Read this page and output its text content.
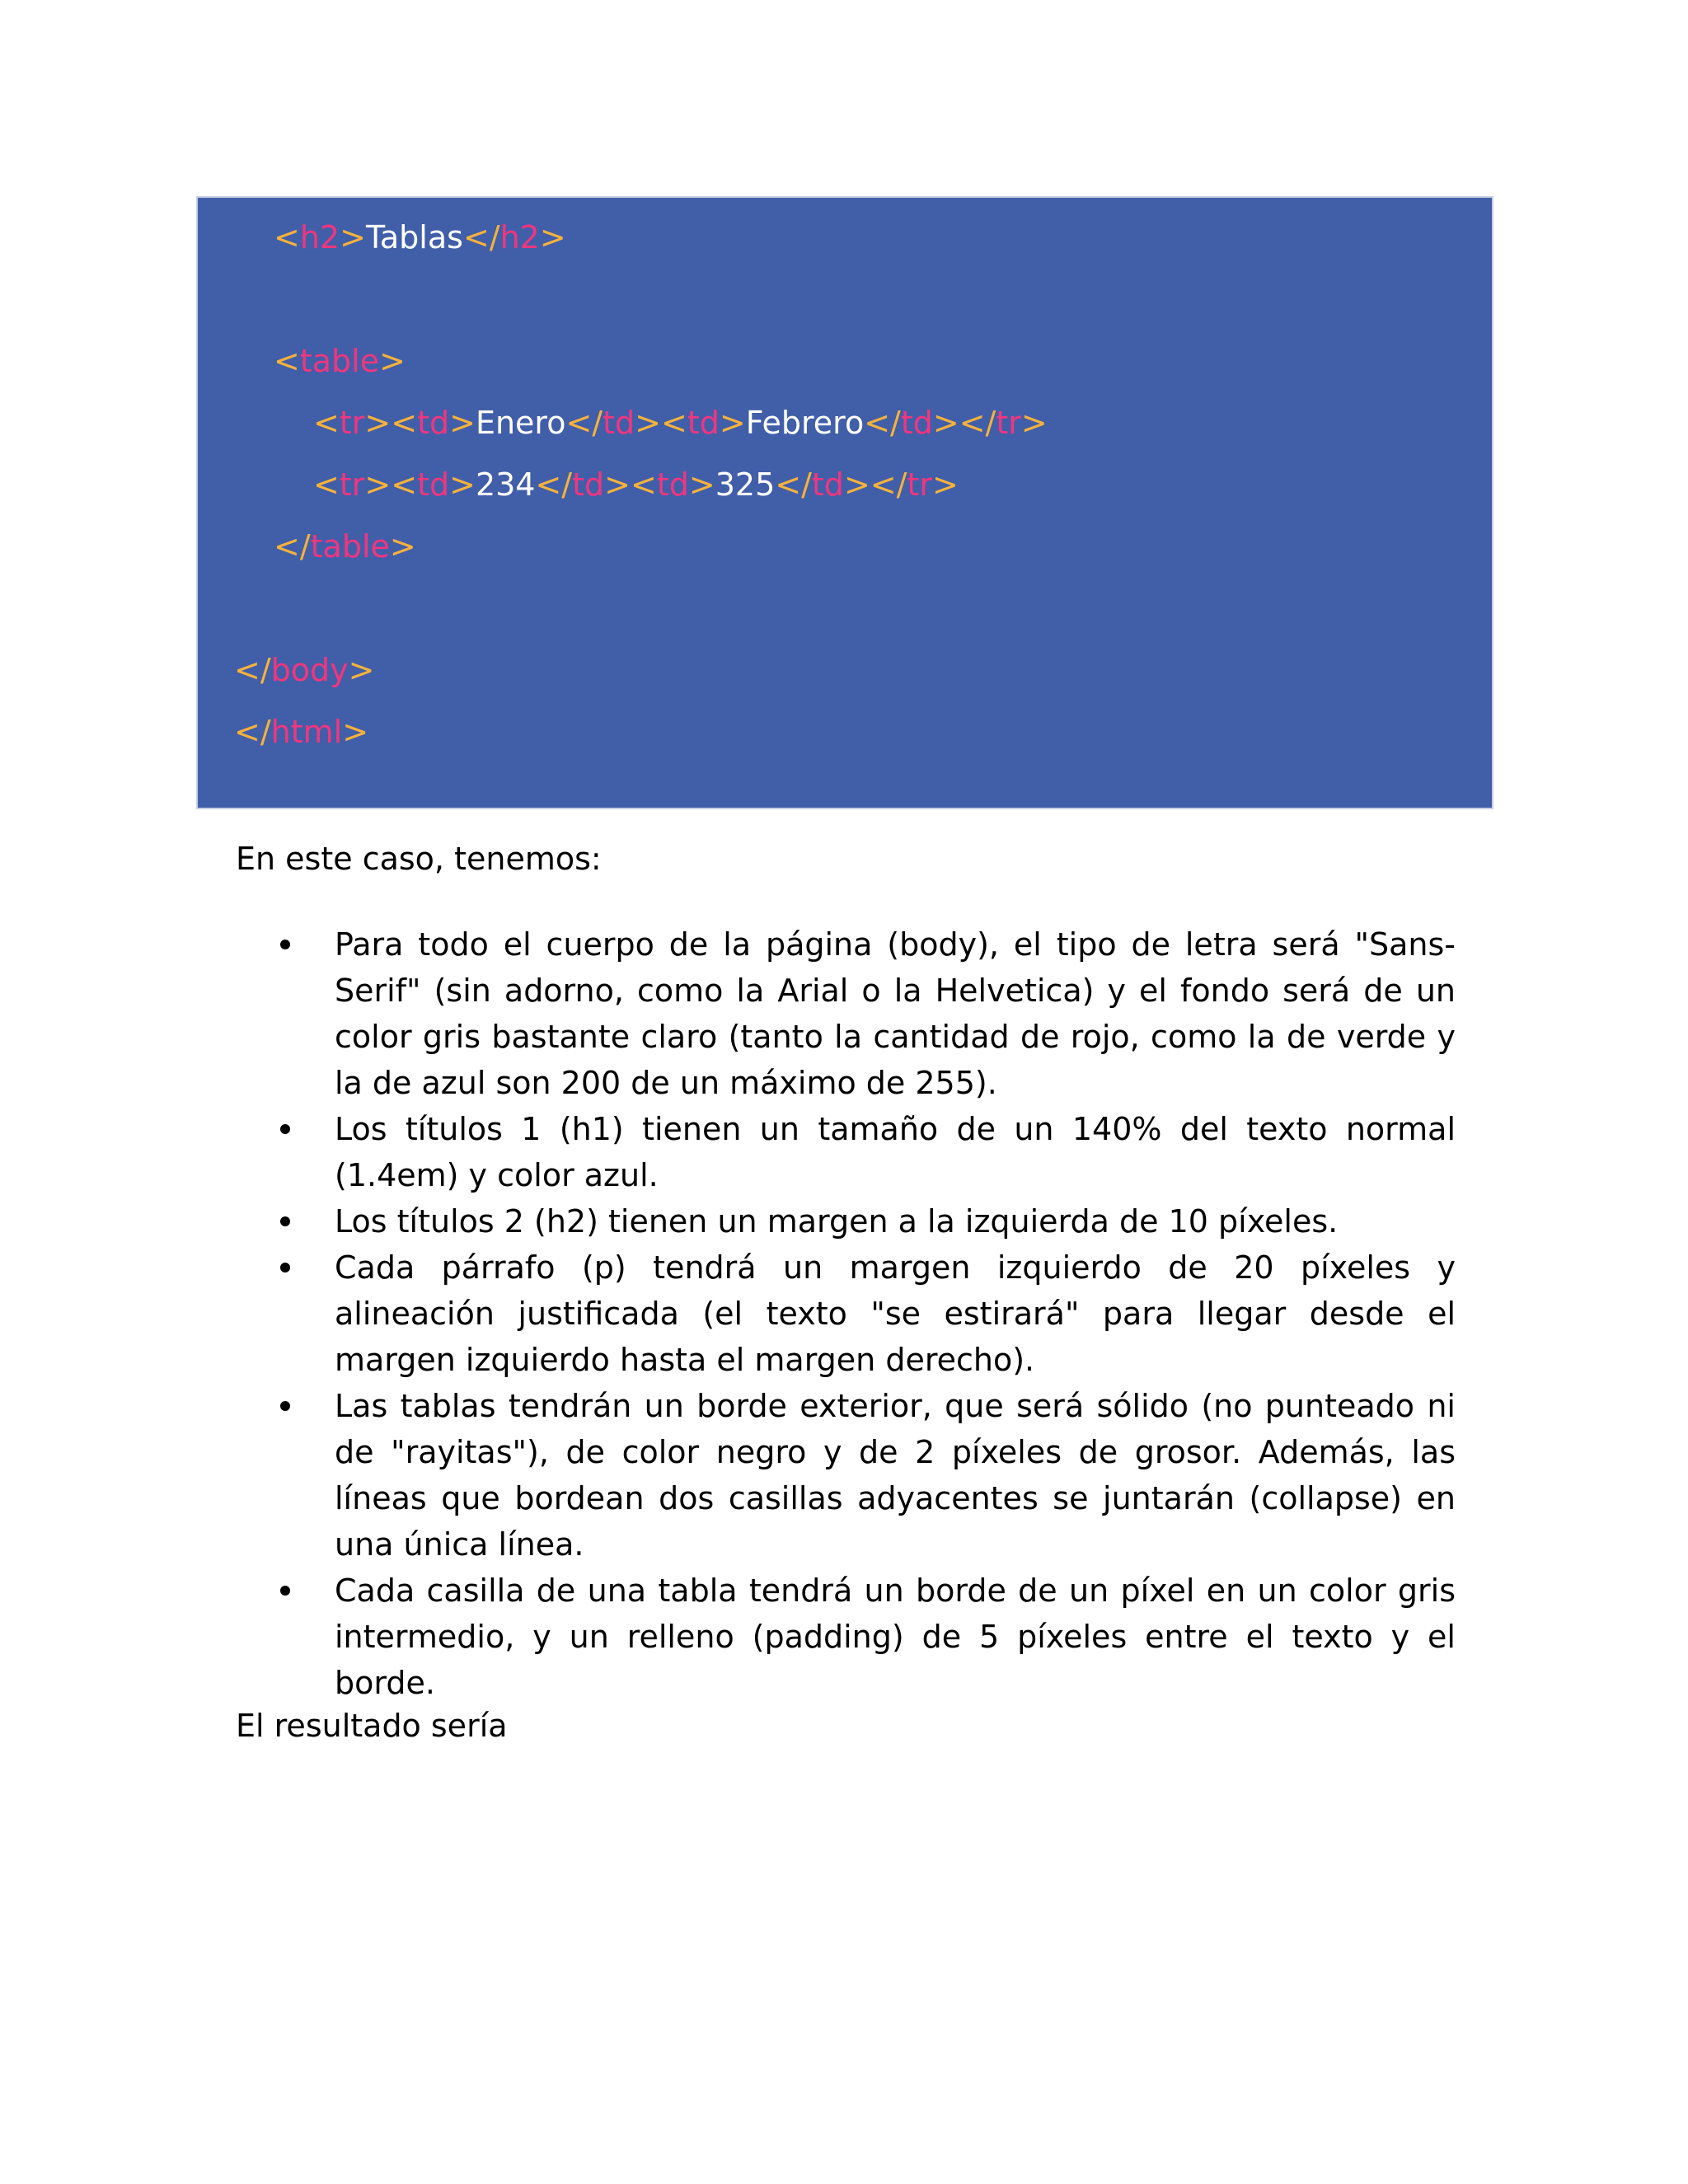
<h2>Tablas</h2>
<table>
<tr><td>Enero</td><td>Febrero</td></tr>
<tr><td>234</td><td>325</td></tr>
</table>
</body>
</html>
En este caso, tenemos:
Para todo el cuerpo de la página (body), el tipo de letra será "Sans-Serif" (sin adorno, como la Arial o la Helvetica) y el fondo será de un color gris bastante claro (tanto la cantidad de rojo, como la de verde y la de azul son 200 de un máximo de 255).
Los títulos 1 (h1) tienen un tamaño de un 140% del texto normal (1.4em) y color azul.
Los títulos 2 (h2) tienen un margen a la izquierda de 10 píxeles.
Cada párrafo (p) tendrá un margen izquierdo de 20 píxeles y alineación justificada (el texto "se estirará" para llegar desde el margen izquierdo hasta el margen derecho).
Las tablas tendrán un borde exterior, que será sólido (no punteado ni de "rayitas"), de color negro y de 2 píxeles de grosor. Además, las líneas que bordean dos casillas adyacentes se juntarán (collapse) en una única línea.
Cada casilla de una tabla tendrá un borde de un píxel en un color gris intermedio, y un relleno (padding) de 5 píxeles entre el texto y el borde.
El resultado sería
